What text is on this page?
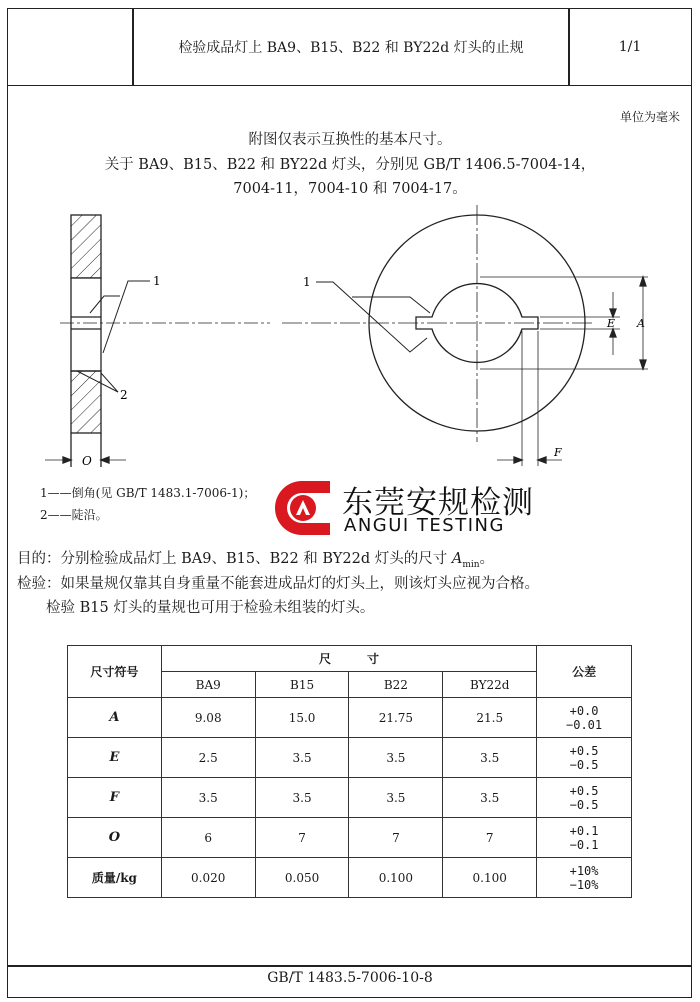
检验成品灯上 BA9、B15、B22 和 BY22d 灯头的止规	1/1
单位为毫米
附图仅表示互换性的基本尺寸。
关于 BA9、B15、B22 和 BY22d 灯头，分别见 GB/T 1406.5-7004-14，
7004-11，7004-10 和 7004-17。
1
2
O
1
E A
F
1——倒角(见 GB/T 1483.1-7006-1)；
2——陡沿。	东莞安规检测
ANGUI TESTING
目的：分别检验成品灯上 BA9、B15、B22 和 BY22d 灯头的尺寸 $A_{min}$。
检验：如果量规仅靠其自身重量不能套进成品灯的灯头上，则该灯头应视为合格。
检验 B15 灯头的量规也可用于检验未组装的灯头。
尺寸符号	尺　　　寸				公差
	BA9	B15	B22	BY22d	
A	9.08	15.0	21.75	21.5	+0.0
−0.01

E	2.5	3.5	3.5	3.5	+0.5
−0.5

F	3.5	3.5	3.5	3.5	+0.5
−0.5

O	6	7	7	7	+0.1
−0.1

质量/kg	0.020	0.050	0.100	0.100	+10%
−10%
GB/T 1483.5-7006-10-8
